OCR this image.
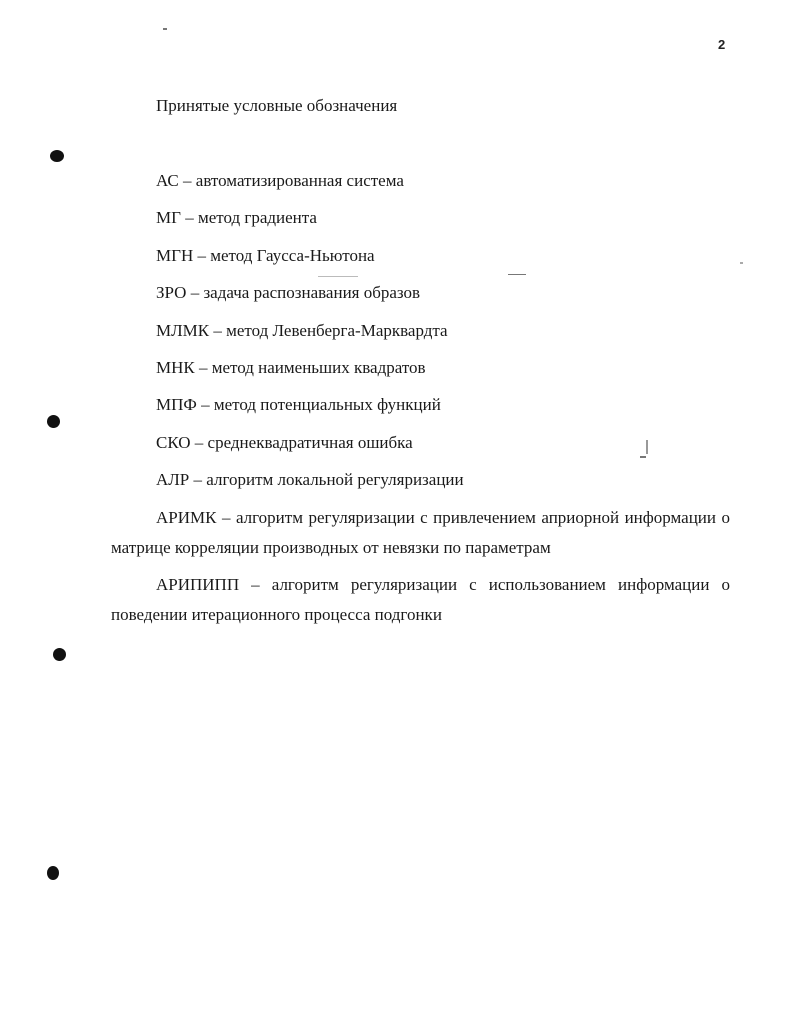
2
Принятые условные обозначения
АС – автоматизированная система
МГ – метод градиента
МГН – метод Гаусса-Ньютона
ЗРО – задача распознавания образов
МЛМК – метод Левенберга-Марквардта
МНК – метод наименьших квадратов
МПФ – метод потенциальных функций
СКО – среднеквадратичная ошибка
АЛР – алгоритм локальной регуляризации

АРИМК – алгоритм регуляризации с привлечением априорной информации о матрице корреляции производных от невязки по параметрам

АРИПИПП – алгоритм регуляризации с использованием информации о поведении итерационного процесса подгонки
